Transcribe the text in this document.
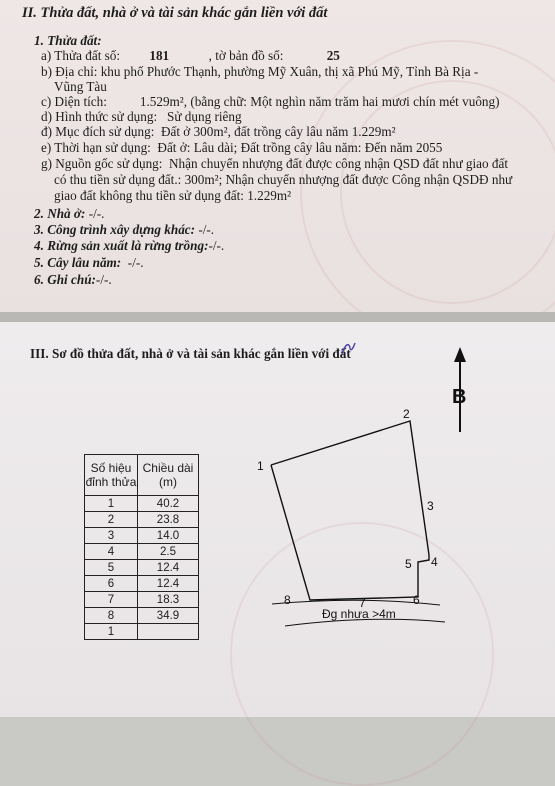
II. Thửa đất, nhà ở và tài sản khác gắn liền với đất
1. Thửa đất:
a) Thửa đất số: 181	, tờ bản đồ số:	25
b) Địa chỉ: khu phố Phước Thạnh, phường Mỹ Xuân, thị xã Phú Mỹ, Tỉnh Bà Rịa -
Vũng Tàu
c) Diện tích:          1.529m², (bằng chữ: Một nghìn năm trăm hai mươi chín mét vuông)
d) Hình thức sử dụng:   Sử dụng riêng
đ) Mục đích sử dụng:  Đất ở 300m², đất trồng cây lâu năm 1.229m²
e) Thời hạn sử dụng:  Đất ở: Lâu dài; Đất trồng cây lâu năm: Đến năm 2055
g) Nguồn gốc sử dụng:  Nhận chuyển nhượng đất được công nhận QSD đất như giao đất
có thu tiền sử dụng đất.: 300m²; Nhận chuyển nhượng đất được Công nhận QSDĐ như
giao đất không thu tiền sử dụng đất: 1.229m²
2. Nhà ở: -/-.
3. Công trình xây dựng khác: -/-.
4. Rừng sản xuất là rừng trồng:-/-.
5. Cây lâu năm:  -/-.
6. Ghi chú:-/-.
III. Sơ đồ thửa đất, nhà ở và tài sản khác gắn liền với đất
Số hiệu đỉnh thửa	Chiều dài (m)
1	40.2
2	23.8
3	14.0
4	2.5
5	12.4
6	12.4
7	18.3
8	34.9
1	
B
1
2
3
4
5
6
7
8
Đg nhựa >4m
